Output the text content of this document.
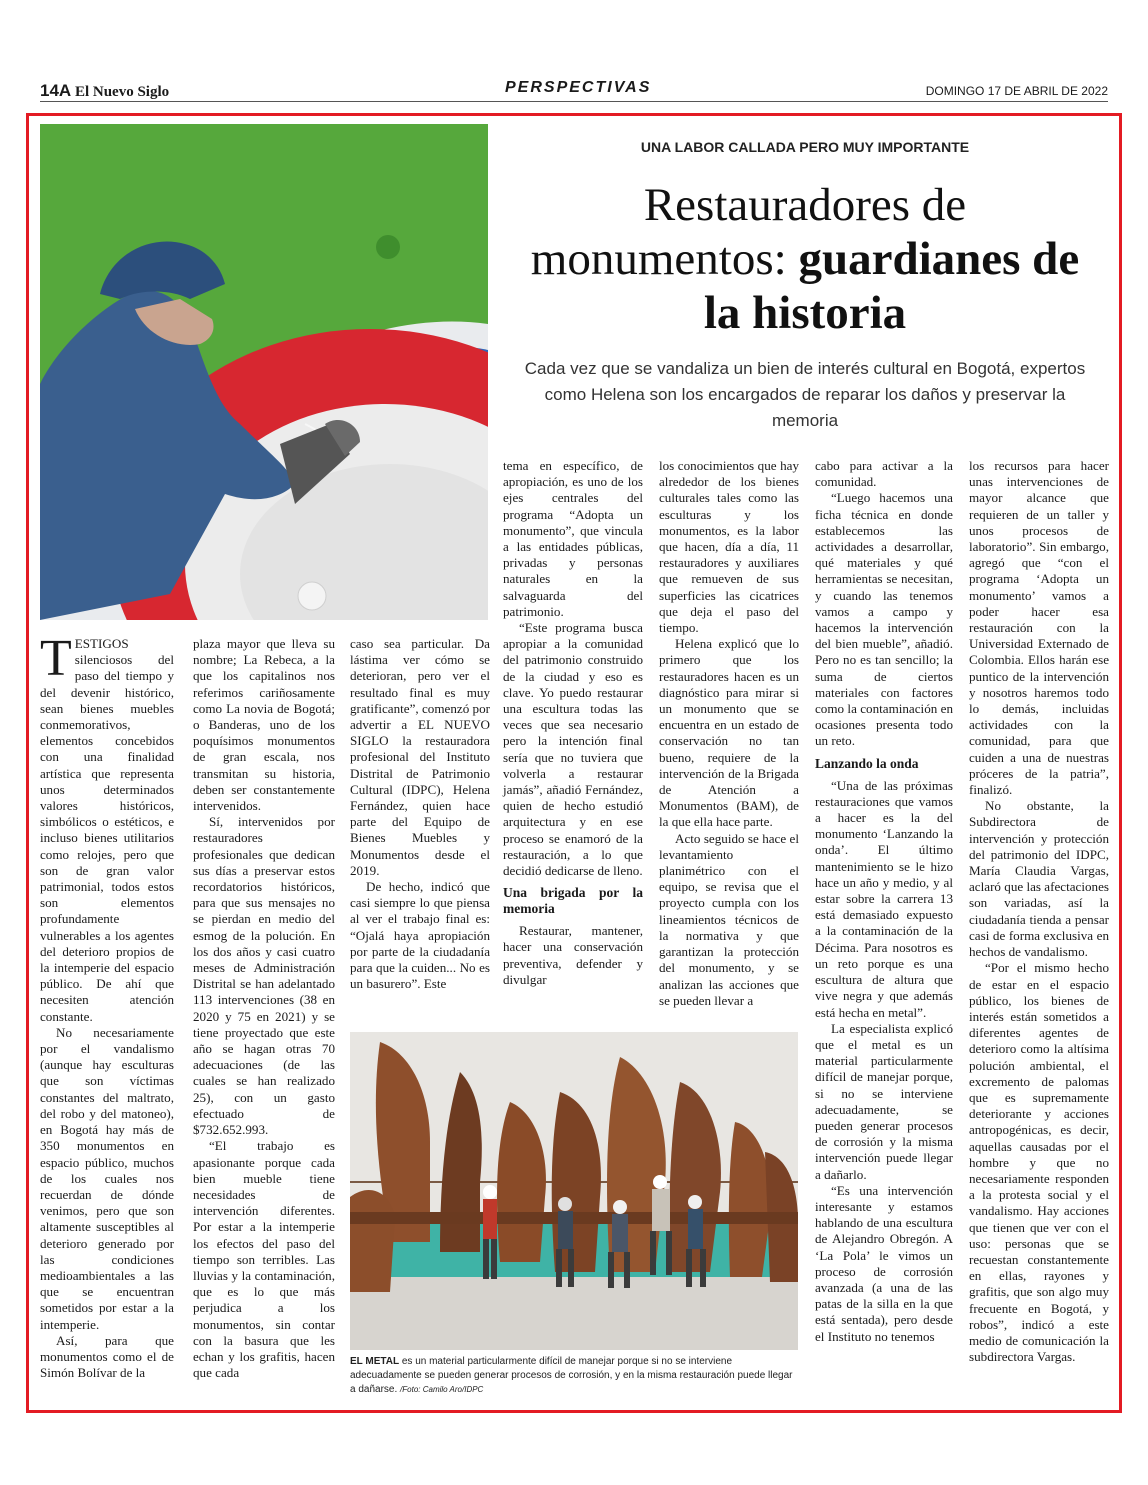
14A El Nuevo Siglo	PERSPECTIVAS	DOMINGO 17 DE ABRIL DE 2022
UNA LABOR CALLADA PERO MUY IMPORTANTE
Restauradores de monumentos: guardianes de la historia
Cada vez que se vandaliza un bien de interés cultural en Bogotá, expertos como Helena son los encargados de reparar los daños y preservar la memoria

TESTIGOS silenciosos del paso del tiempo y del devenir histórico, sean bienes muebles conmemorativos, elementos concebidos con una finalidad artística que representa unos determinados valores históricos, simbólicos o estéticos, e incluso bienes utilitarios como relojes, pero que son de gran valor patrimonial, todos estos son elementos profundamente vulnerables a los agentes del deterioro propios de la intemperie del espacio público. De ahí que necesiten atención constante.

No necesariamente por el vandalismo (aunque hay esculturas que son víctimas constantes del maltrato, del robo y del matoneo), en Bogotá hay más de 350 monumentos en espacio público, muchos de los cuales nos recuerdan de dónde venimos, pero que son altamente susceptibles al deterioro generado por las condiciones medioambientales a las que se encuentran sometidos por estar a la intemperie.

Así, para que monumentos como el de Simón Bolívar de la

plaza mayor que lleva su nombre; La Rebeca, a la que los capitalinos nos referimos cariñosamente como La novia de Bogotá; o Banderas, uno de los poquísimos monumentos de gran escala, nos transmitan su historia, deben ser constantemente intervenidos.

Sí, intervenidos por restauradores profesionales que dedican sus días a preservar estos recordatorios históricos, para que sus mensajes no se pierdan en medio del esmog de la polución. En los dos años y casi cuatro meses de Administración Distrital se han adelantado 113 intervenciones (38 en 2020 y 75 en 2021) y se tiene proyectado que este año se hagan otras 70 adecuaciones (de las cuales se han realizado 25), con un gasto efectuado de $732.652.993.

“El trabajo es apasionante porque cada bien mueble tiene necesidades de intervención diferentes. Por estar a la intemperie los efectos del paso del tiempo son terribles. Las lluvias y la contaminación, que es lo que más perjudica a los monumentos, sin contar con la basura que les echan y los grafitis, hacen que cada

caso sea particular. Da lástima ver cómo se deterioran, pero ver el resultado final es muy gratificante”, comenzó por advertir a EL NUEVO SIGLO la restauradora profesional del Instituto Distrital de Patrimonio Cultural (IDPC), Helena Fernández, quien hace parte del Equipo de Bienes Muebles y Monumentos desde el 2019.

De hecho, indicó que casi siempre lo que piensa al ver el trabajo final es: “Ojalá haya apropiación por parte de la ciudadanía para que la cuiden... No es un basurero”. Este

tema en específico, de apropiación, es uno de los ejes centrales del programa “Adopta un monumento”, que vincula a las entidades públicas, privadas y personas naturales en la salvaguarda del patrimonio.

“Este programa busca apropiar a la comunidad del patrimonio construido de la ciudad y eso es clave. Yo puedo restaurar una escultura todas las veces que sea necesario pero la intención final sería que no tuviera que volverla a restaurar jamás”, añadió Fernández, quien de hecho estudió arquitectura y en ese proceso se enamoró de la restauración, a lo que decidió dedicarse de lleno.

Una brigada por la memoria

Restaurar, mantener, hacer una conservación preventiva, defender y divulgar

los conocimientos que hay alrededor de los bienes culturales tales como las esculturas y los monumentos, es la labor que hacen, día a día, 11 restauradores y auxiliares que remueven de sus superficies las cicatrices que deja el paso del tiempo.

Helena explicó que lo primero que los restauradores hacen es un diagnóstico para mirar si un monumento que se encuentra en un estado de conservación no tan bueno, requiere de la intervención de la Brigada de Atención a Monumentos (BAM), de la que ella hace parte.

Acto seguido se hace el levantamiento planimétrico con el equipo, se revisa que el proyecto cumpla con los lineamientos técnicos de la normativa y que garantizan la protección del monumento, y se analizan las acciones que se pueden llevar a

cabo para activar a la comunidad.

“Luego hacemos una ficha técnica en donde establecemos las actividades a desarrollar, qué materiales y qué herramientas se necesitan, y cuando las tenemos vamos a campo y hacemos la intervención del bien mueble”, añadió. Pero no es tan sencillo; la suma de ciertos materiales con factores como la contaminación en ocasiones presenta todo un reto.

Lanzando la onda

“Una de las próximas restauraciones que vamos a hacer es la del monumento ‘Lanzando la onda’. El último mantenimiento se le hizo hace un año y medio, y al estar sobre la carrera 13 está demasiado expuesto a la contaminación de la Décima. Para nosotros es un reto porque es una escultura de altura que vive negra y que además está hecha en metal”.

La especialista explicó que el metal es un material particularmente difícil de manejar porque, si no se interviene adecuadamente, se pueden generar procesos de corrosión y la misma intervención puede llegar a dañarlo.

“Es una intervención interesante y estamos hablando de una escultura de Alejandro Obregón. A ‘La Pola’ le vimos un proceso de corrosión avanzada (a una de las patas de la silla en la que está sentada), pero desde el Instituto no tenemos

los recursos para hacer unas intervenciones de mayor alcance que requieren de un taller y unos procesos de laboratorio”. Sin embargo, agregó que “con el programa ‘Adopta un monumento’ vamos a poder hacer esa restauración con la Universidad Externado de Colombia. Ellos harán ese puntico de la intervención y nosotros haremos todo lo demás, incluidas actividades con la comunidad, para que cuiden a una de nuestras próceres de la patria”, finalizó.

No obstante, la Subdirectora de intervención y protección del patrimonio del IDPC, María Claudia Vargas, aclaró que las afectaciones son variadas, así la ciudadanía tienda a pensar casi de forma exclusiva en hechos de vandalismo.

“Por el mismo hecho de estar en el espacio público, los bienes de interés están sometidos a diferentes agentes de deterioro como la altísima polución ambiental, el excremento de palomas que es supremamente deteriorante y acciones antropogénicas, es decir, aquellas causadas por el hombre y que no necesariamente responden a la protesta social y el vandalismo. Hay acciones que tienen que ver con el uso: personas que se recuestan constantemente en ellas, rayones y grafitis, que son algo muy frecuente en Bogotá, y robos”, indicó a este medio de comunicación la subdirectora Vargas.

EL METAL es un material particularmente difícil de manejar porque si no se interviene adecuadamente se pueden generar procesos de corrosión, y en la misma restauración puede llegar a dañarse. /Foto: Camilo Aro/IDPC
